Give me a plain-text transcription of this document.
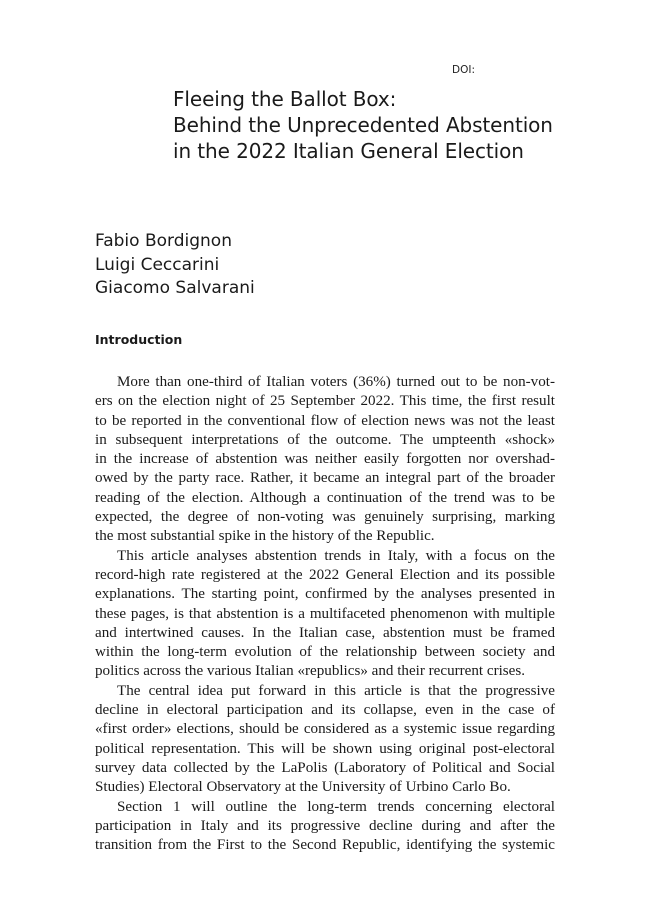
DOI:
Fleeing the Ballot Box:
Behind the Unprecedented Abstention
in the 2022 Italian General Election
Fabio Bordignon
Luigi Ceccarini
Giacomo Salvarani
Introduction
More than one-third of Italian voters (36%) turned out to be non-vot-
ers on the election night of 25 September 2022. This time, the first result
to be reported in the conventional flow of election news was not the least
in subsequent interpretations of the outcome. The umpteenth «shock»
in the increase of abstention was neither easily forgotten nor overshad-
owed by the party race. Rather, it became an integral part of the broader
reading of the election. Although a continuation of the trend was to be
expected, the degree of non-voting was genuinely surprising, marking
the most substantial spike in the history of the Republic.
This article analyses abstention trends in Italy, with a focus on the
record-high rate registered at the 2022 General Election and its possible
explanations. The starting point, confirmed by the analyses presented in
these pages, is that abstention is a multifaceted phenomenon with multiple
and intertwined causes. In the Italian case, abstention must be framed
within the long-term evolution of the relationship between society and
politics across the various Italian «republics» and their recurrent crises.
The central idea put forward in this article is that the progressive
decline in electoral participation and its collapse, even in the case of
«first order» elections, should be considered as a systemic issue regarding
political representation. This will be shown using original post-electoral
survey data collected by the LaPolis (Laboratory of Political and Social
Studies) Electoral Observatory at the University of Urbino Carlo Bo.
Section 1 will outline the long-term trends concerning electoral
participation in Italy and its progressive decline during and after the
transition from the First to the Second Republic, identifying the systemic
